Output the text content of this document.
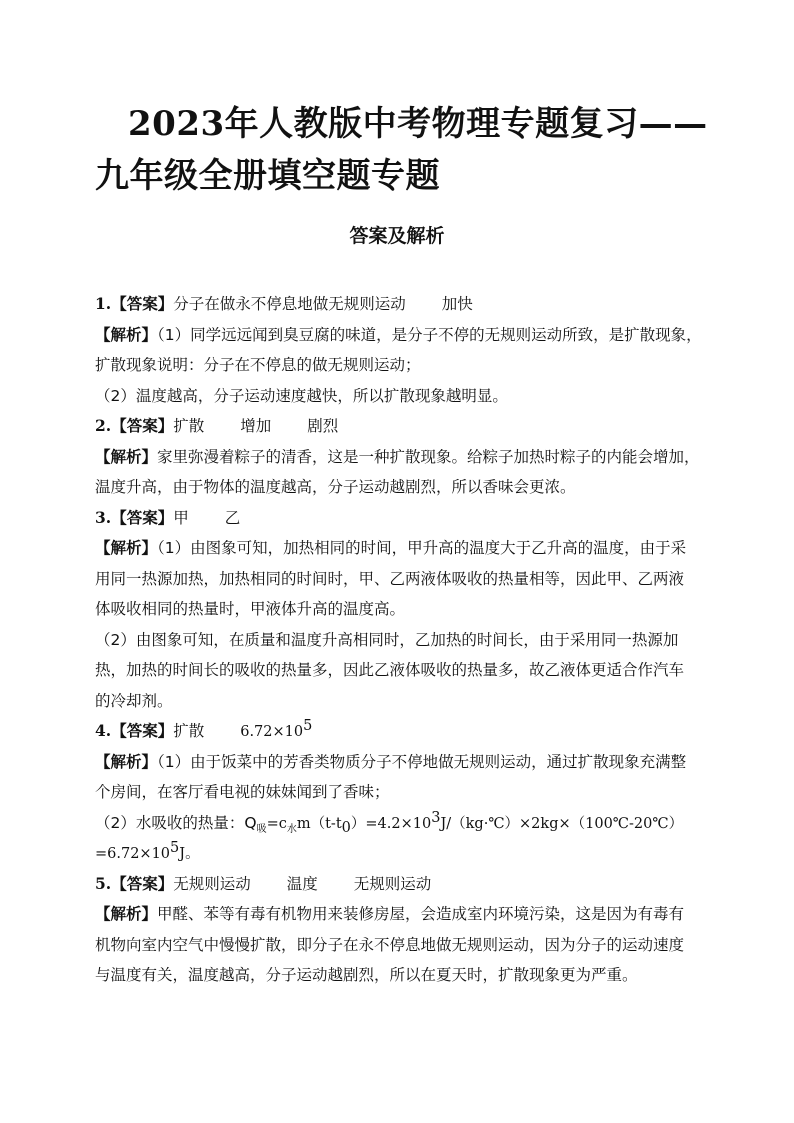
2023年人教版中考物理专题复习——九年级全册填空题专题
答案及解析
1.【答案】分子在做永不停息地做无规则运动 加快
【解析】（1）同学远远闻到臭豆腐的味道，是分子不停的无规则运动所致，是扩散现象，
扩散现象说明：分子在不停息的做无规则运动；
（2）温度越高，分子运动速度越快，所以扩散现象越明显。
2.【答案】扩散 增加 剧烈
【解析】家里弥漫着粽子的清香，这是一种扩散现象。给粽子加热时粽子的内能会增加，
温度升高，由于物体的温度越高，分子运动越剧烈，所以香味会更浓。
3.【答案】甲 乙
【解析】（1）由图象可知，加热相同的时间，甲升高的温度大于乙升高的温度，由于采
用同一热源加热，加热相同的时间时，甲、乙两液体吸收的热量相等，因此甲、乙两液
体吸收相同的热量时，甲液体升高的温度高。
（2）由图象可知，在质量和温度升高相同时，乙加热的时间长，由于采用同一热源加
热，加热的时间长的吸收的热量多，因此乙液体吸收的热量多，故乙液体更适合作汽车
的冷却剂。
4.【答案】扩散 $6.72\times 10^5$
【解析】（1）由于饭菜中的芳香类物质分子不停地做无规则运动，通过扩散现象充满整
个房间，在客厅看电视的妹妹闻到了香味；
（2）水吸收的热量：$Q_吸=c_水m(t-t_0)=4.2\times 10^3J/(kg\cdot℃)\times 2kg\times(100℃-20℃)$
$=6.72\times 10^5J$。
5.【答案】无规则运动 温度 无规则运动
【解析】甲醛、苯等有毒有机物用来装修房屋，会造成室内环境污染，这是因为有毒有
机物向室内空气中慢慢扩散，即分子在永不停息地做无规则运动，因为分子的运动速度
与温度有关，温度越高，分子运动越剧烈，所以在夏天时，扩散现象更为严重。
